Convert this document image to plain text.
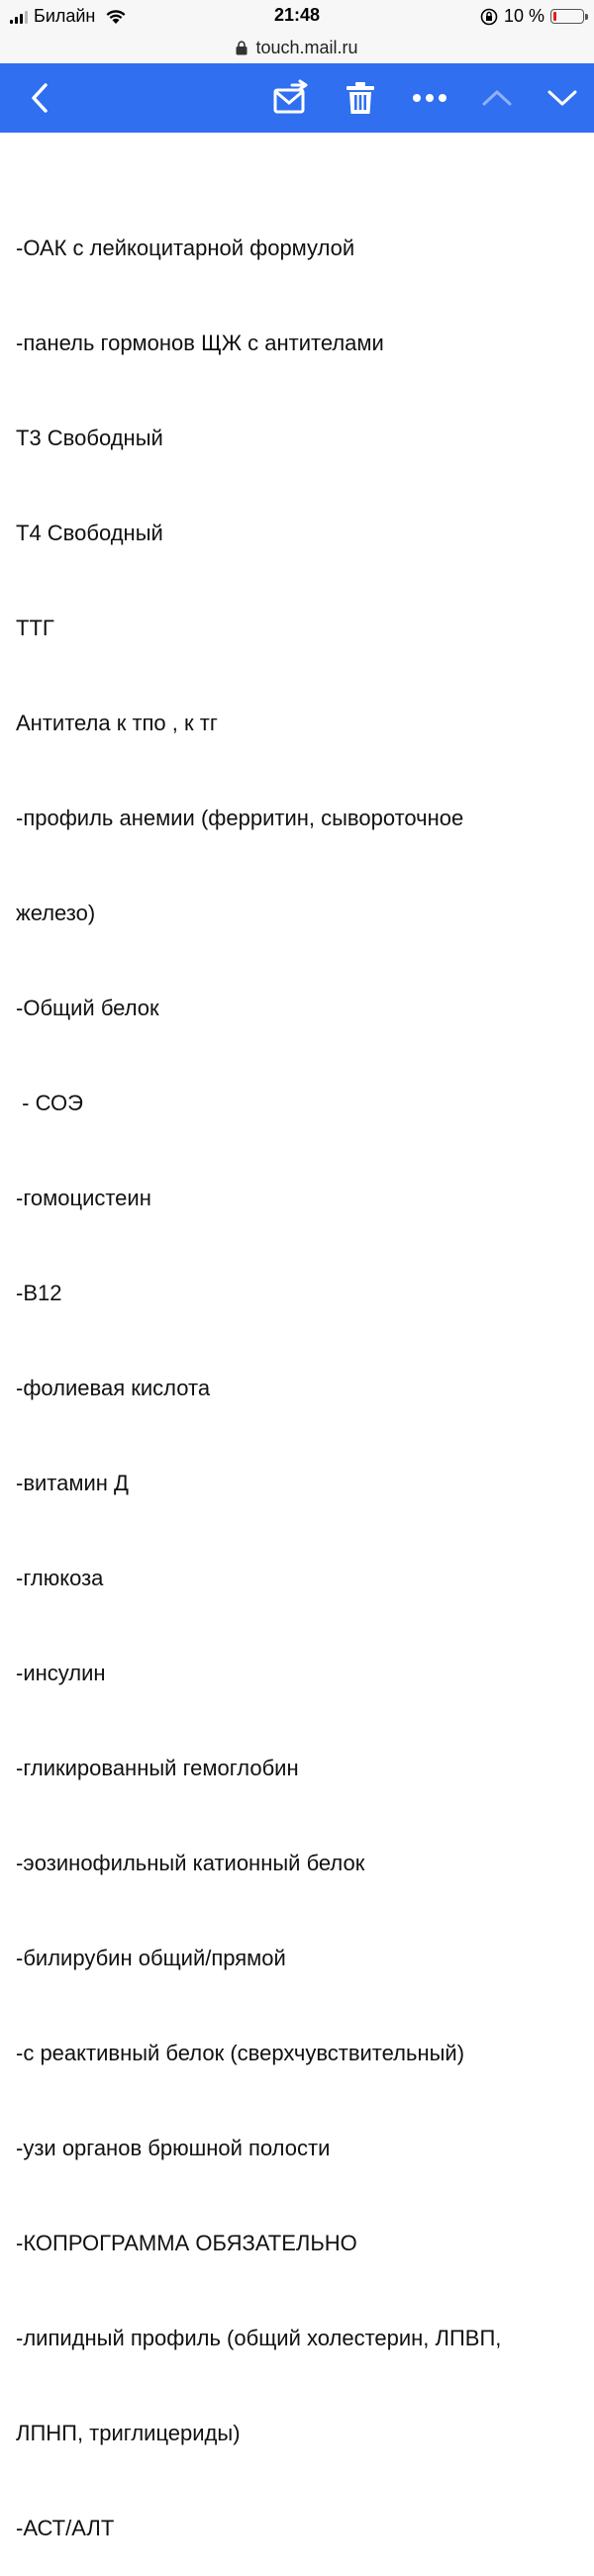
Билайн	21:48	10 %
touch.mail.ru

-ОАК с лейкоцитарной формулой

-панель гормонов ЩЖ с антителами

Т3 Свободный

Т4 Свободный

ТТГ

Антитела к тпо , к тг

-профиль анемии (ферритин, сывороточное

железо)

-Общий белок

- СОЭ

-гомоцистеин

-В12

-фолиевая кислота

-витамин Д

-глюкоза

-инсулин

-гликированный гемоглобин

-эозинофильный катионный белок

-билирубин общий/прямой

-с реактивный белок (сверхчувствительный)

-узи органов брюшной полости

-КОПРОГРАММА ОБЯЗАТЕЛЬНО

-липидный профиль (общий холестерин, ЛПВП,

ЛПНП, триглицериды)

-АСТ/АЛТ
